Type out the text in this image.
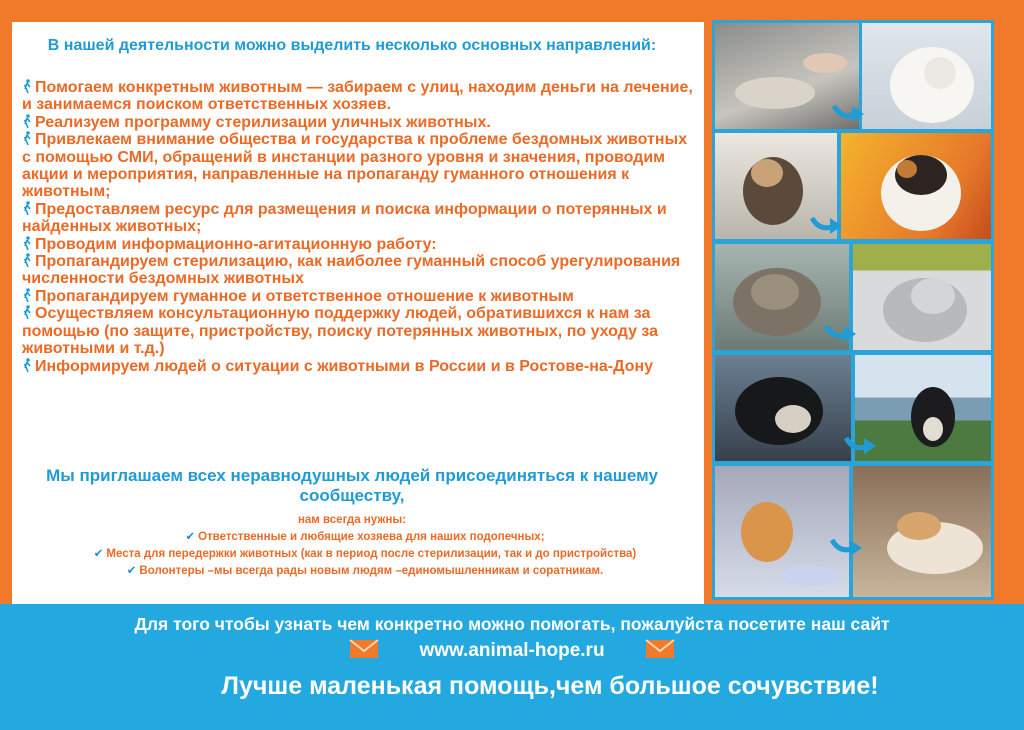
В нашей деятельности можно выделить несколько основных направлений:

Помогаем конкретным животным — забираем с улиц, находим деньги на лечение, и занимаемся поиском ответственных хозяев.

Реализуем программу стерилизации уличных животных.

Привлекаем внимание общества и государства к проблеме бездомных животных с помощью СМИ, обращений в инстанции разного уровня и значения, проводим акции и мероприятия, направленные на пропаганду гуманного отношения к животным;

Предоставляем ресурс для размещения и поиска информации о потерянных и найденных животных;

Проводим информационно-агитационную работу:

Пропагандируем стерилизацию, как наиболее гуманный способ урегулирования численности бездомных животных

Пропагандируем гуманное и ответственное отношение к животным

Осуществляем консультационную поддержку людей, обратившихся к нам за помощью (по защите, пристройству, поиску потерянных животных, по уходу за животными и т.д.)

Информируем людей о ситуации с животными в России и в Ростове-на-Дону

Мы приглашаем всех неравнодушных людей присоединяться к нашему сообществу,
нам всегда нужны:

✔ Ответственные и любящие хозяева для наших подопечных;

✔ Места для передержки животных (как в период после стерилизации, так и до пристройства)

✔ Волонтеры –мы всегда рады новым людям –единомышленникам и соратникам.

Для того чтобы узнать чем конкретно можно помогать, пожалуйста посетите наш сайт
www.animal-hope.ru
Лучше маленькая помощь,чем большое сочувствие!
